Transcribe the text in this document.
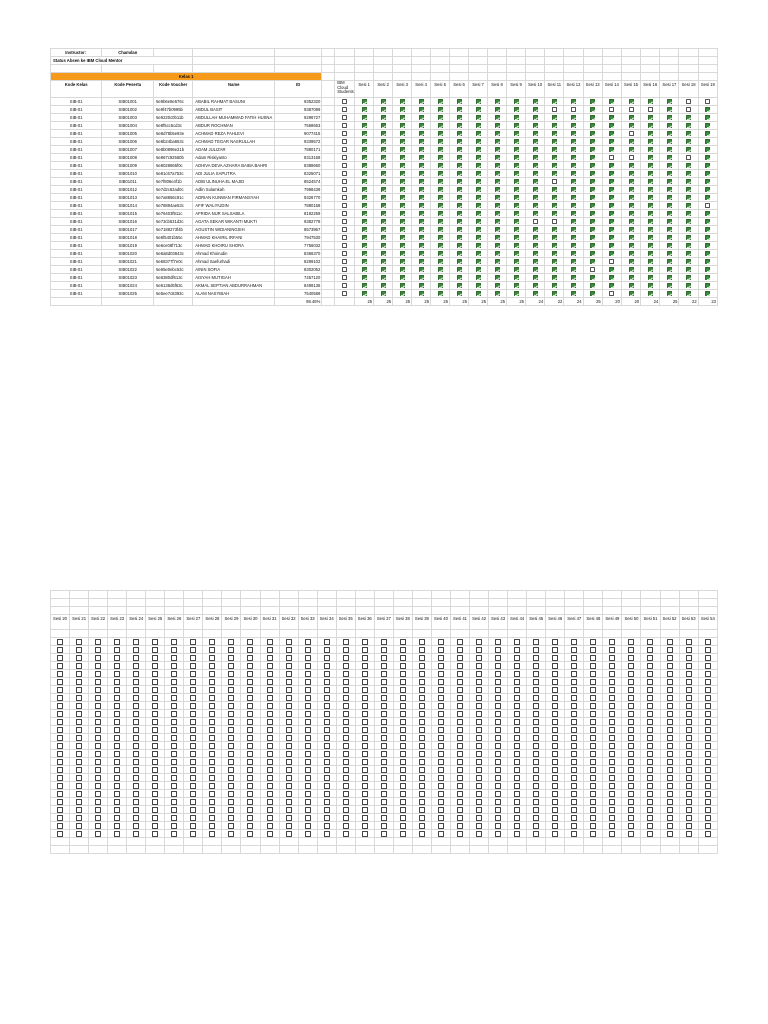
Instructor:	Chamdan																								
Status Absen ke IBM Cloud Mentor																									

Kelas 1																									
Kode Kelas	Kode Peserta	Kode Voucher	Name	ID		IBM Cloud Students	Sesi 1	Sesi 2	Sesi 3	Sesi 4	Sesi 5	Sesi 6	Sesi 7	Sesi 8	Sesi 9	Sesi 10	Sesi 11	Sesi 12	Sesi 13	Sesi 14	Sesi 15	Sesi 16	Sesi 17	Sesi 18	Sesi 19
SIB-01	SIB01001	5e9b6e8e576c	ABABIL RAHMAT BASUNI	9352320																					
SIB-01	SIB01002	5e9f47b0995b	ABDUL BASIT	9387099																					
SIB-01	SIB01003	5e9220c0b11b	ABDULLAH MUHAMMAD FATIH HUSNA	9296727																					
SIB-01	SIB01004	5e8f5cc5cd3c	ABDUR ROCHMAN	7568663																					
SIB-01	SIB01005	5e8d78b5e93e	ACHMAD REZA FAHLEVI	9077415																					
SIB-01	SIB01006	5e8b24ba653c	ACHMAD TEGAR NASRULLAH	9339572																					
SIB-01	SIB01007	5e8b0896e21b	ADAM JULIZAR	7880171																					
SIB-01	SIB01008	5e867c92560b	Adam Riskiyanto	8313168																					
SIB-01	SIB01009	5e8028865f0c	ADHIVA DEVA AZHARA BAIBA BAHRI	8388660																					
SIB-01	SIB01010	5e81c67a753c	ADI JULIA SAPUTRA	8325071																					
SIB-01	SIB01011	5e7f806e4f1b	ADIB ULINUHA EL MAJID	8524574																					
SIB-01	SIB01012	5e7d2c62ad0c	Adlin Sulamkah	7998439																					
SIB-01	SIB01013	5e7a8856c91c	ADRIAN KUNWAN FIRMANSYAH	9326770																					
SIB-01	SIB01014	5e78894ae53c	AFIF WALIYUDIN	7880158																					
SIB-01	SIB01015	5e76403f911c	AFRIDA NUR SALSABILA	8192259																					
SIB-01	SIB01016	5e73cb531d3c	AGATA SEKAR WIKANTI MUKTI	9382778																					
SIB-01	SIB01017	5e7188273f4b	AGUSTIN WIDIANINGSIH	8573967																					
SIB-01	SIB01018	5e6f5401b55c	AHMAD KHAIRIL IRFANI	7947530																					
SIB-01	SIB01019	5e6ce08f713c	AHMAD KHOIRU SHORA	7756032																					
SIB-01	SIB01020	5e6a8d03843c	Ahmad Khoirudin	8366370																					
SIB-01	SIB01021	5e68377f7e0c	Ahmad Saefurhadi	8299102																					
SIB-01	SIB01022	5e65e0ebc53c	AININ SOFIA	8302052																					
SIB-01	SIB01023	5e6380df613c	AISYAH MUTIGAH	7457120																					
SIB-01	SIB01024	5e6138d5f63c	AKMAL SEPTIAN ABDURRAHMAN	8499136																					
SIB-01	SIB01025	5e5ee7c8393c	ALAM NASYIBAH	7540589																					
				98.46%			25	25	25	25	25	25	25	25	25	24	22	24	25	20	20	24	25	22	23

Sesi 20	Sesi 21	Sesi 22	Sesi 23	Sesi 24	Sesi 25	Sesi 26	Sesi 27	Sesi 28	Sesi 29	Sesi 30	Sesi 31	Sesi 32	Sesi 33	Sesi 34	Sesi 35	Sesi 36	Sesi 37	Sesi 38	Sesi 39	Sesi 40	Sesi 41	Sesi 42	Sesi 43	Sesi 44	Sesi 45	Sesi 46	Sesi 47	Sesi 48	Sesi 49	Sesi 50	Sesi 51	Sesi 52	Sesi 53	Sesi 54
